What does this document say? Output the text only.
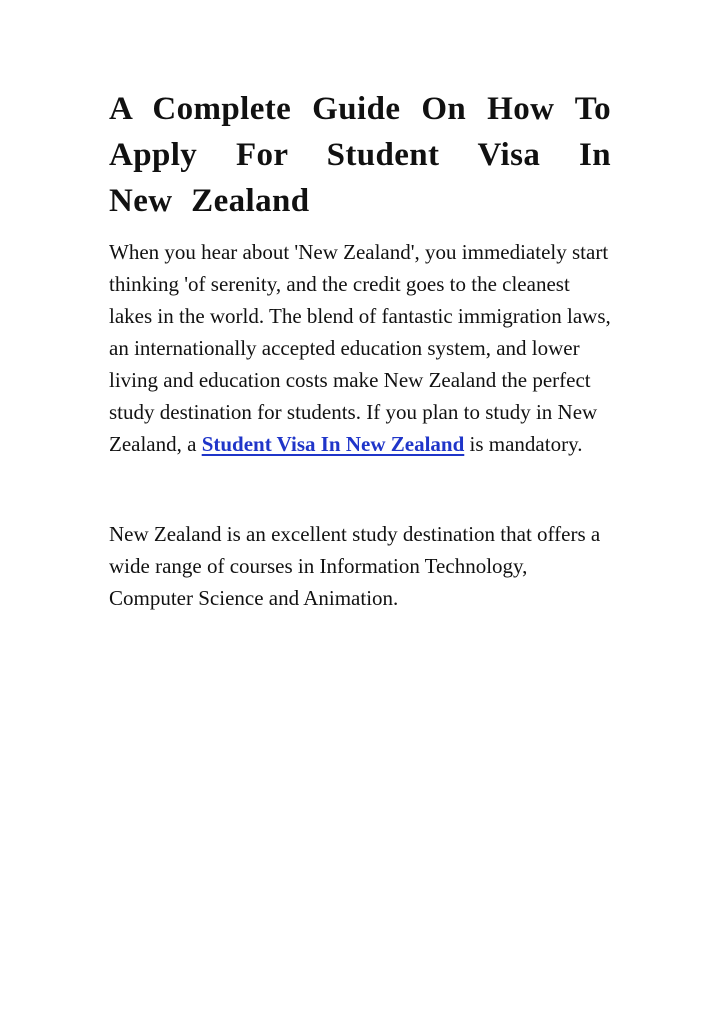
A Complete Guide On How To Apply For Student Visa In New Zealand

When you hear about 'New Zealand', you immediately start thinking 'of serenity, and the credit goes to the cleanest lakes in the world. The blend of fantastic immigration laws, an internationally accepted education system, and lower living and education costs make New Zealand the perfect study destination for students. If you plan to study in New Zealand, a Student Visa In New Zealand is mandatory.

New Zealand is an excellent study destination that offers a wide range of courses in Information Technology, Computer Science and Animation.
